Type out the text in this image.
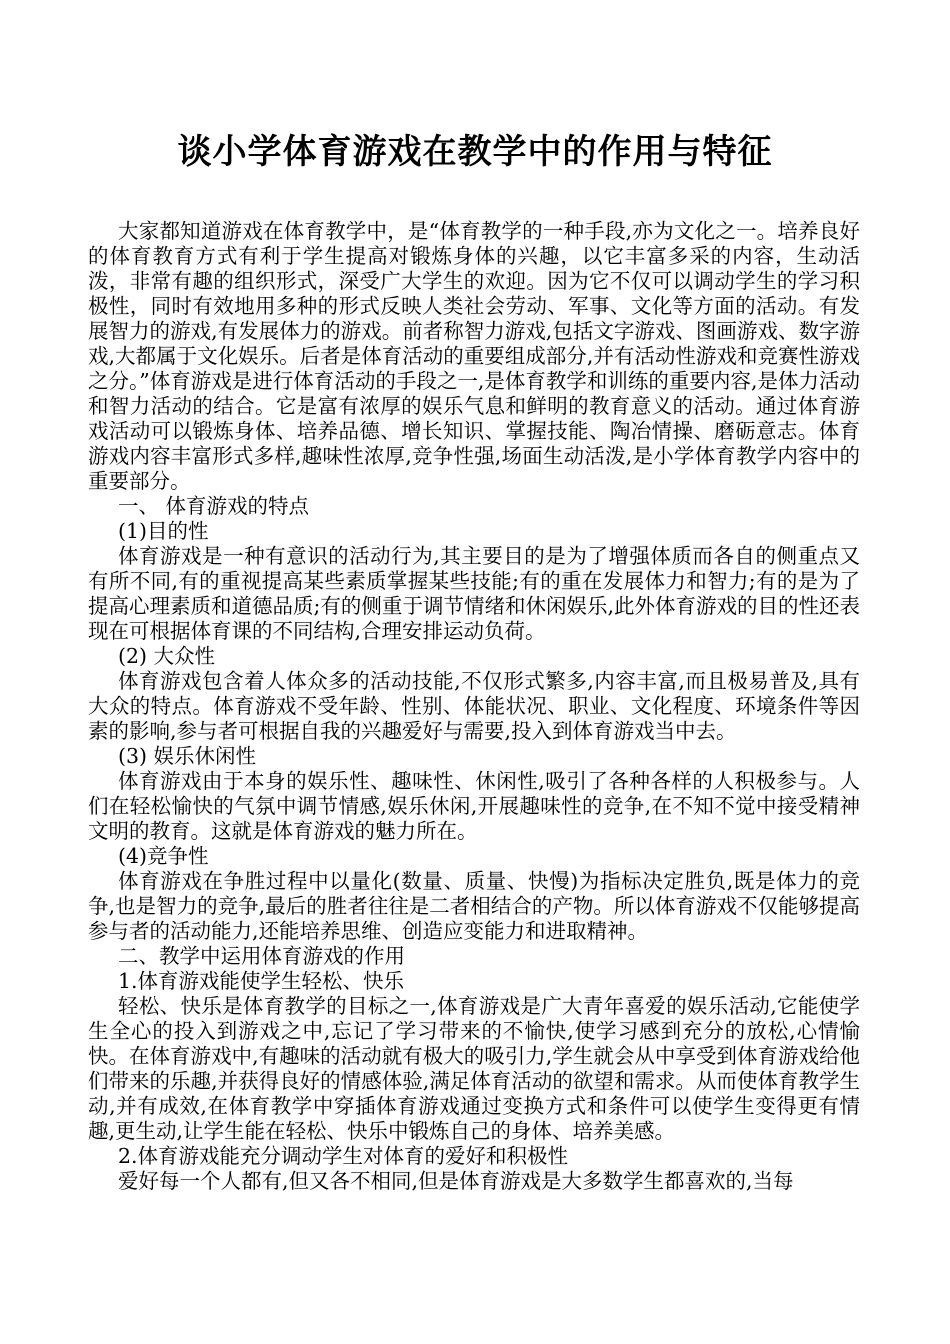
谈小学体育游戏在教学中的作用与特征

大家都知道游戏在体育教学中，是“体育教学的一种手段,亦为文化之一。培养良好的体育教育方式有利于学生提高对锻炼身体的兴趣，以它丰富多采的内容，生动活泼，非常有趣的组织形式，深受广大学生的欢迎。因为它不仅可以调动学生的学习积极性，同时有效地用多种的形式反映人类社会劳动、军事、文化等方面的活动。有发展智力的游戏,有发展体力的游戏。前者称智力游戏,包括文字游戏、图画游戏、数字游戏,大都属于文化娱乐。后者是体育活动的重要组成部分,并有活动性游戏和竞赛性游戏之分。”体育游戏是进行体育活动的手段之一,是体育教学和训练的重要内容,是体力活动和智力活动的结合。它是富有浓厚的娱乐气息和鲜明的教育意义的活动。通过体育游戏活动可以锻炼身体、培养品德、增长知识、掌握技能、陶冶情操、磨砺意志。体育游戏内容丰富形式多样,趣味性浓厚,竞争性强,场面生动活泼,是小学体育教学内容中的重要部分。

一、 体育游戏的特点

(1)目的性

体育游戏是一种有意识的活动行为,其主要目的是为了增强体质而各自的侧重点又有所不同,有的重视提高某些素质掌握某些技能;有的重在发展体力和智力;有的是为了提高心理素质和道德品质;有的侧重于调节情绪和休闲娱乐,此外体育游戏的目的性还表现在可根据体育课的不同结构,合理安排运动负荷。

(2) 大众性

体育游戏包含着人体众多的活动技能,不仅形式繁多,内容丰富,而且极易普及,具有大众的特点。体育游戏不受年龄、性别、体能状况、职业、文化程度、环境条件等因素的影响,参与者可根据自我的兴趣爱好与需要,投入到体育游戏当中去。

(3) 娱乐休闲性

体育游戏由于本身的娱乐性、趣味性、休闲性,吸引了各种各样的人积极参与。人们在轻松愉快的气氛中调节情感,娱乐休闲,开展趣味性的竞争,在不知不觉中接受精神文明的教育。这就是体育游戏的魅力所在。

(4)竞争性

体育游戏在争胜过程中以量化(数量、质量、快慢)为指标决定胜负,既是体力的竞争,也是智力的竞争,最后的胜者往往是二者相结合的产物。所以体育游戏不仅能够提高参与者的活动能力,还能培养思维、创造应变能力和进取精神。

二、教学中运用体育游戏的作用

1.体育游戏能使学生轻松、快乐

轻松、快乐是体育教学的目标之一,体育游戏是广大青年喜爱的娱乐活动,它能使学生全心的投入到游戏之中,忘记了学习带来的不愉快,使学习感到充分的放松,心情愉快。在体育游戏中,有趣味的活动就有极大的吸引力,学生就会从中享受到体育游戏给他们带来的乐趣,并获得良好的情感体验,满足体育活动的欲望和需求。从而使体育教学生动,并有成效,在体育教学中穿插体育游戏通过变换方式和条件可以使学生变得更有情趣,更生动,让学生能在轻松、快乐中锻炼自己的身体、培养美感。

2.体育游戏能充分调动学生对体育的爱好和积极性

爱好每一个人都有,但又各不相同,但是体育游戏是大多数学生都喜欢的,当每
